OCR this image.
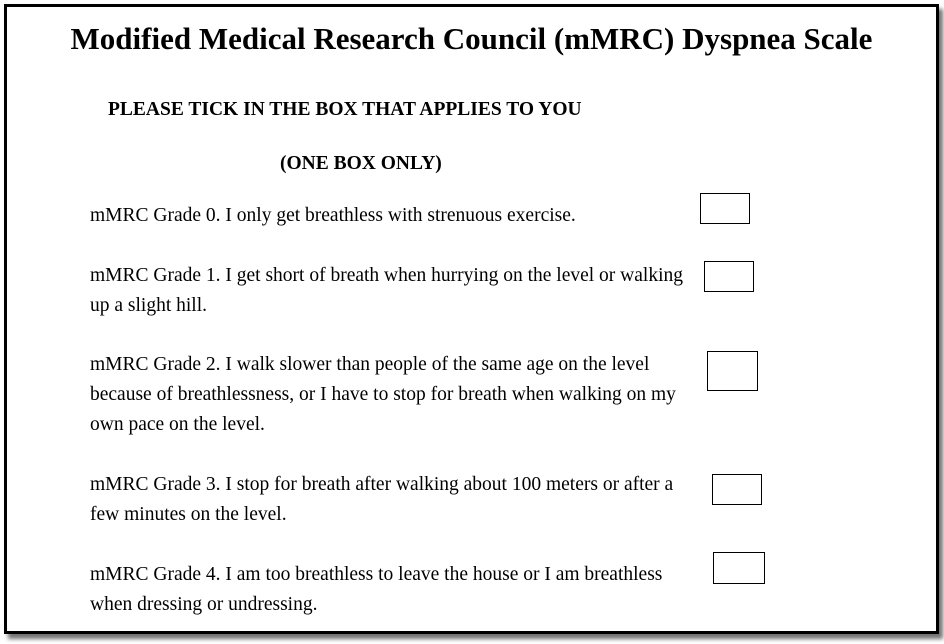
Modified Medical Research Council (mMRC) Dyspnea Scale
PLEASE TICK IN THE BOX THAT APPLIES TO YOU
(ONE BOX ONLY)
mMRC Grade 0. I only get breathless with strenuous exercise.
mMRC Grade 1. I get short of breath when hurrying on the level or walking up a slight hill.
mMRC Grade 2. I walk slower than people of the same age on the level because of breathlessness, or I have to stop for breath when walking on my own pace on the level.
mMRC Grade 3. I stop for breath after walking about 100 meters or after a few minutes on the level.
mMRC Grade 4. I am too breathless to leave the house or I am breathless when dressing or undressing.
